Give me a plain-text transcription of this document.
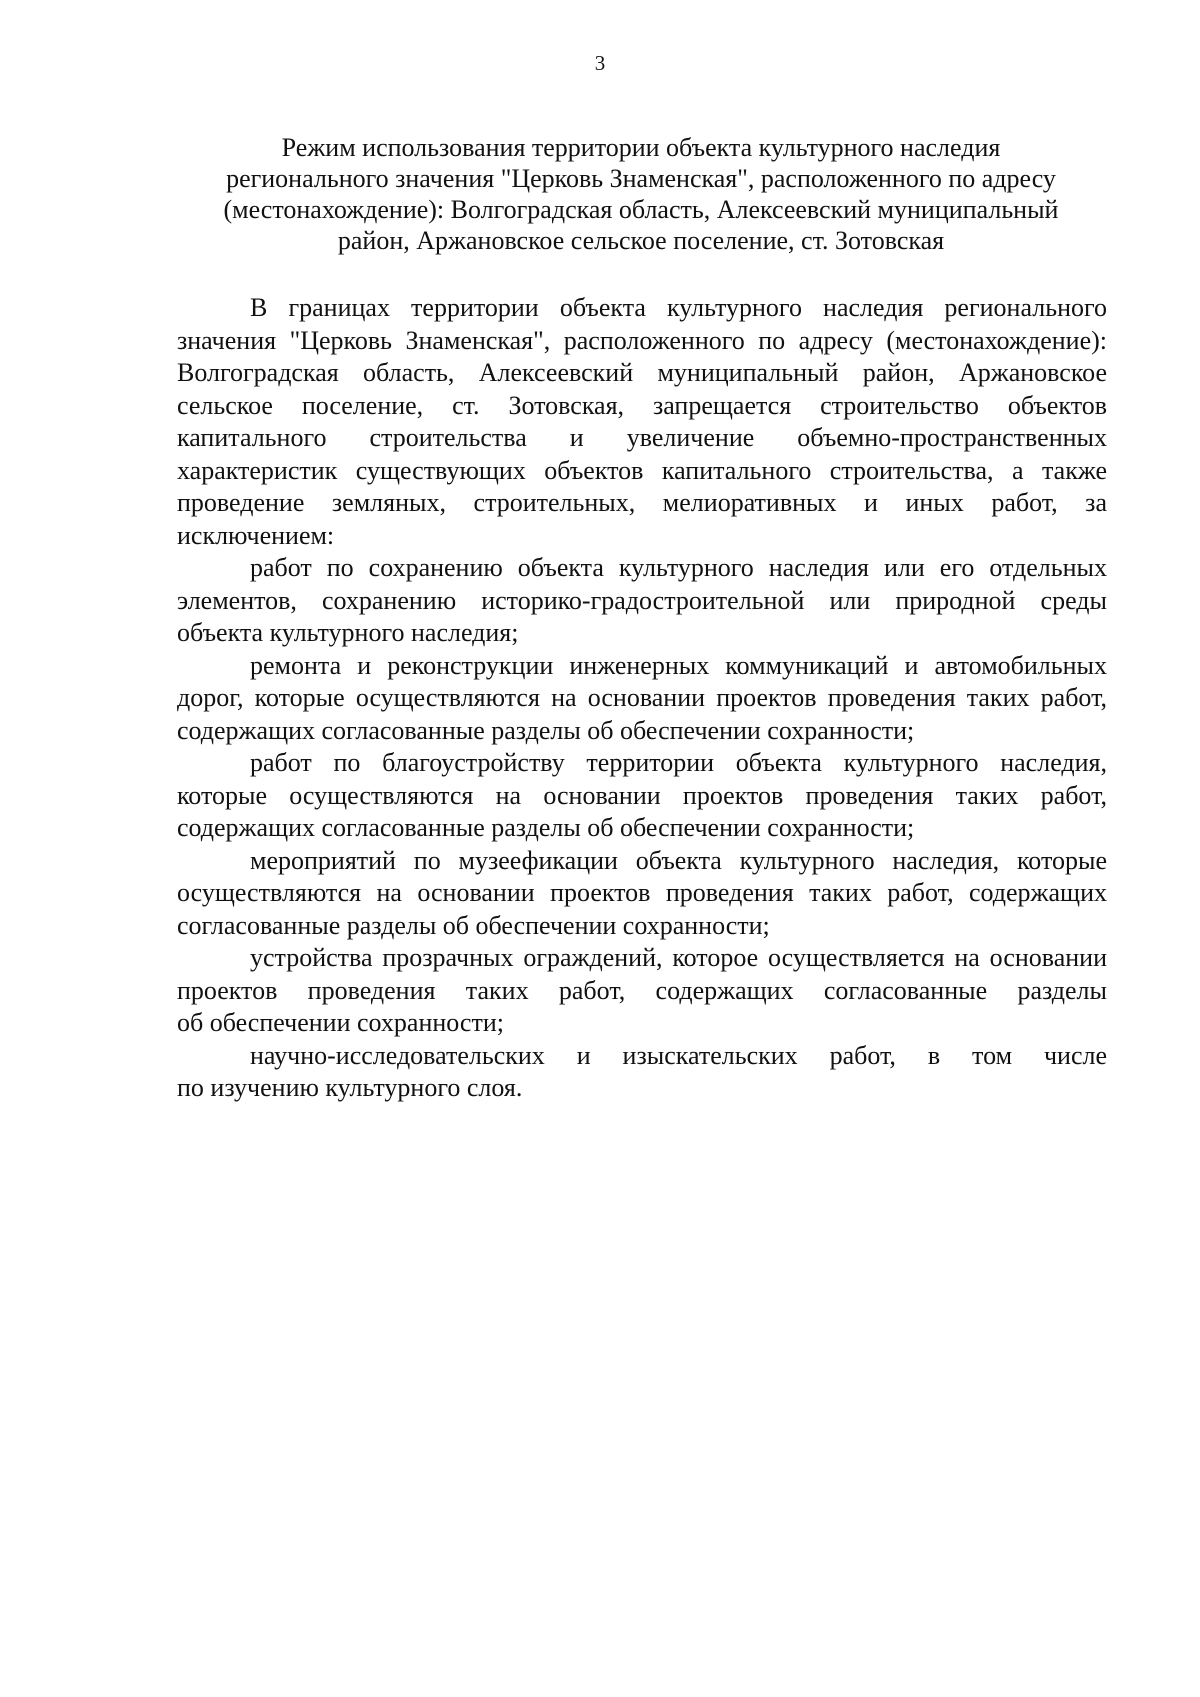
3
Режим использования территории объекта культурного наследия
регионального значения "Церковь Знаменская", расположенного по адресу
(местонахождение): Волгоградская область, Алексеевский муниципальный
район, Аржановское сельское поселение, ст. Зотовская
В границах территории объекта культурного наследия регионального
значения "Церковь Знаменская", расположенного по адресу (местонахождение):
Волгоградская область, Алексеевский муниципальный район, Аржановское
сельское поселение, ст. Зотовская, запрещается строительство объектов
капитального строительства и увеличение объемно-пространственных
характеристик существующих объектов капитального строительства, а также
проведение земляных, строительных, мелиоративных и иных работ, за
исключением:
работ по сохранению объекта культурного наследия или его отдельных
элементов, сохранению историко-градостроительной или природной среды
объекта культурного наследия;
ремонта и реконструкции инженерных коммуникаций и автомобильных
дорог, которые осуществляются на основании проектов проведения таких работ,
содержащих согласованные разделы об обеспечении сохранности;
работ по благоустройству территории объекта культурного наследия,
которые осуществляются на основании проектов проведения таких работ,
содержащих согласованные разделы об обеспечении сохранности;
мероприятий по музеефикации объекта культурного наследия, которые
осуществляются на основании проектов проведения таких работ, содержащих
согласованные разделы об обеспечении сохранности;
устройства прозрачных ограждений, которое осуществляется на основании
проектов проведения таких работ, содержащих согласованные разделы
об обеспечении сохранности;
научно-исследовательских и изыскательских работ, в том числе
по изучению культурного слоя.
